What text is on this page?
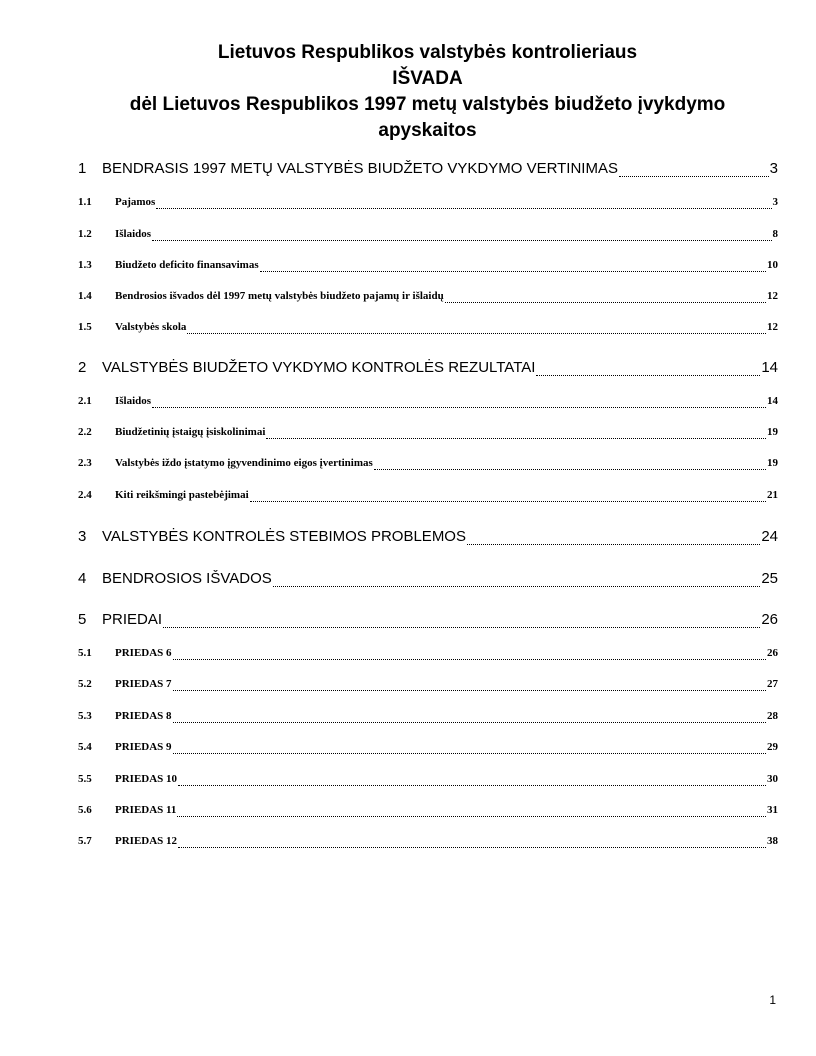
Lietuvos Respublikos valstybės kontrolieriaus
IŠVADA
dėl Lietuvos Respublikos 1997 metų valstybės biudžeto įvykdymo
apyskaitos
1	BENDRASIS 1997 METŲ VALSTYBĖS BIUDŽETO VYKDYMO VERTINIMAS	3
1.1	Pajamos	3
1.2	Išlaidos	8
1.3	Biudžeto deficito finansavimas	10
1.4	Bendrosios išvados dėl 1997 metų valstybės biudžeto pajamų ir išlaidų	12
1.5	Valstybės skola	12
2	VALSTYBĖS BIUDŽETO VYKDYMO KONTROLĖS REZULTATAI	14
2.1	Išlaidos	14
2.2	Biudžetinių įstaigų įsiskolinimai	19
2.3	Valstybės iždo įstatymo įgyvendinimo eigos įvertinimas	19
2.4	Kiti reikšmingi pastebėjimai	21
3	VALSTYBĖS KONTROLĖS STEBIMOS PROBLEMOS	24
4	BENDROSIOS IŠVADOS	25
5	PRIEDAI	26
5.1	PRIEDAS 6	26
5.2	PRIEDAS 7	27
5.3	PRIEDAS 8	28
5.4	PRIEDAS 9	29
5.5	PRIEDAS 10	30
5.6	PRIEDAS 11	31
5.7	PRIEDAS 12	38
1
